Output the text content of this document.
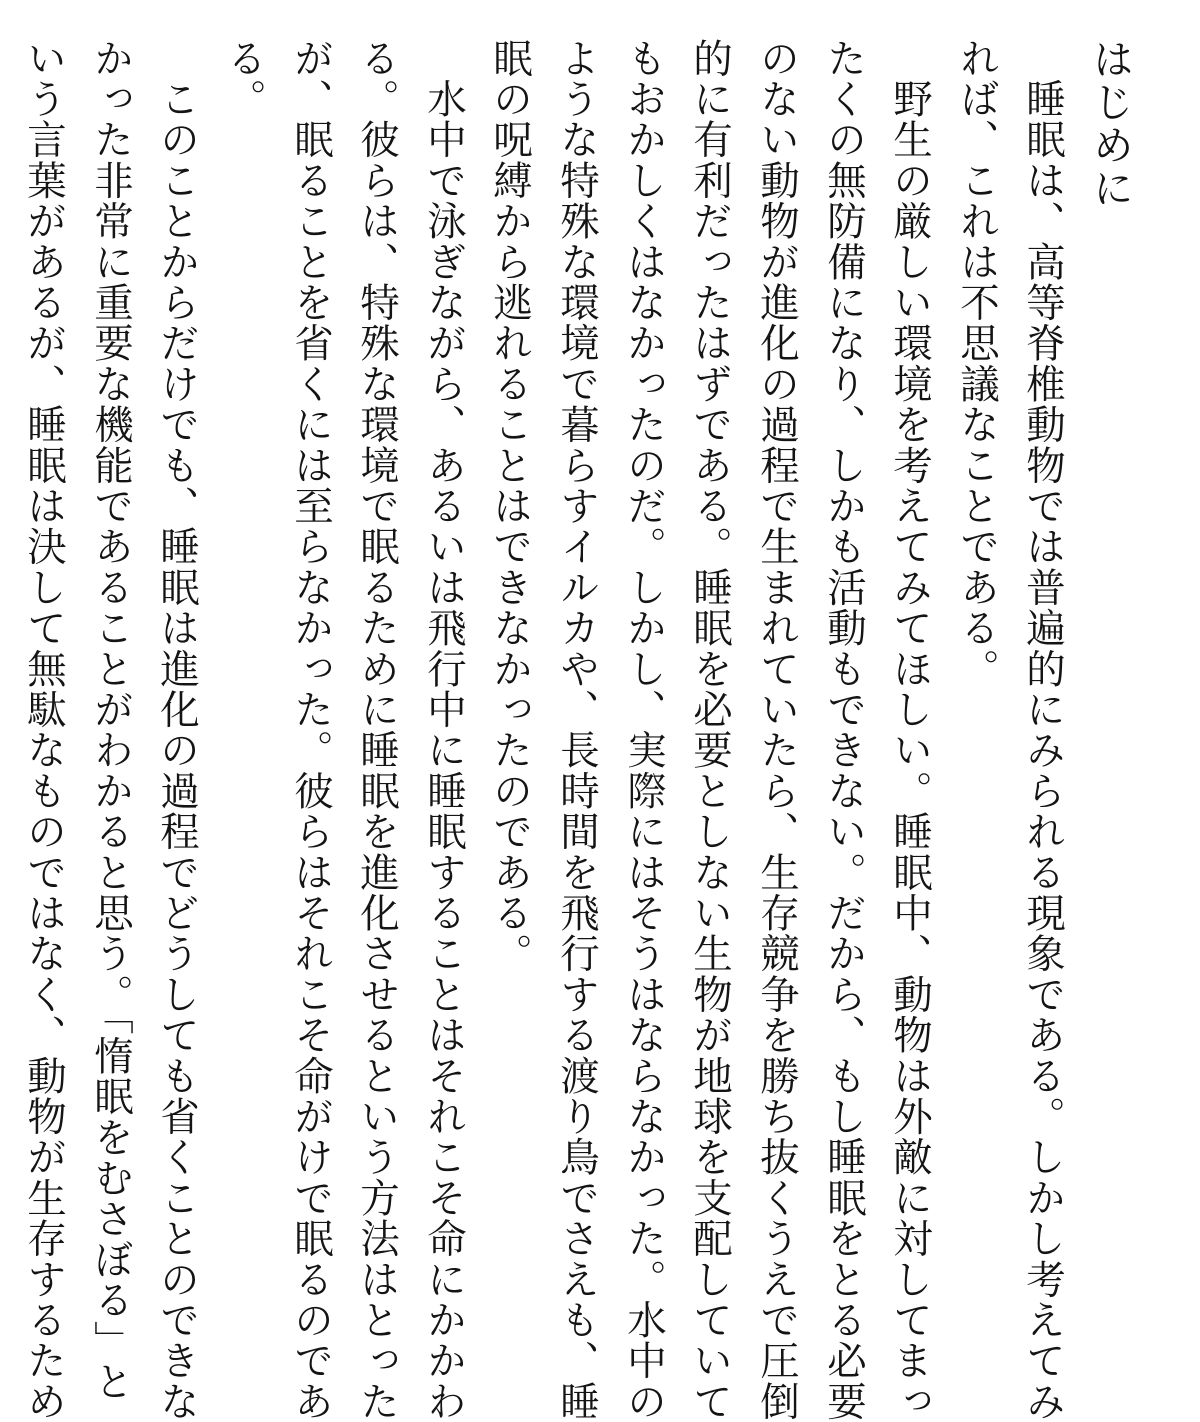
はじめに
　睡眠は、高等脊椎動物では普遍的にみられる現象である。しかし考えてみ
れば、これは不思議なことである。
　野生の厳しい環境を考えてみてほしい。睡眠中、動物は外敵に対してまっ
たくの無防備になり、しかも活動もできない。だから、もし睡眠をとる必要
のない動物が進化の過程で生まれていたら、生存競争を勝ち抜くうえで圧倒
的に有利だったはずである。睡眠を必要としない生物が地球を支配していて
もおかしくはなかったのだ。しかし、実際にはそうはならなかった。水中の
ような特殊な環境で暮らすイルカや、長時間を飛行する渡り鳥でさえも、睡
眠の呪縛から逃れることはできなかったのである。
　水中で泳ぎながら、あるいは飛行中に睡眠することはそれこそ命にかかわ
る。彼らは、特殊な環境で眠るために睡眠を進化させるという方法はとった
が、眠ることを省くには至らなかった。彼らはそれこそ命がけで眠るのであ
る。
　このことからだけでも、睡眠は進化の過程でどうしても省くことのできな
かった非常に重要な機能であることがわかると思う。「惰眠をむさぼる」と
いう言葉があるが、睡眠は決して無駄なものではなく、動物が生存するため
